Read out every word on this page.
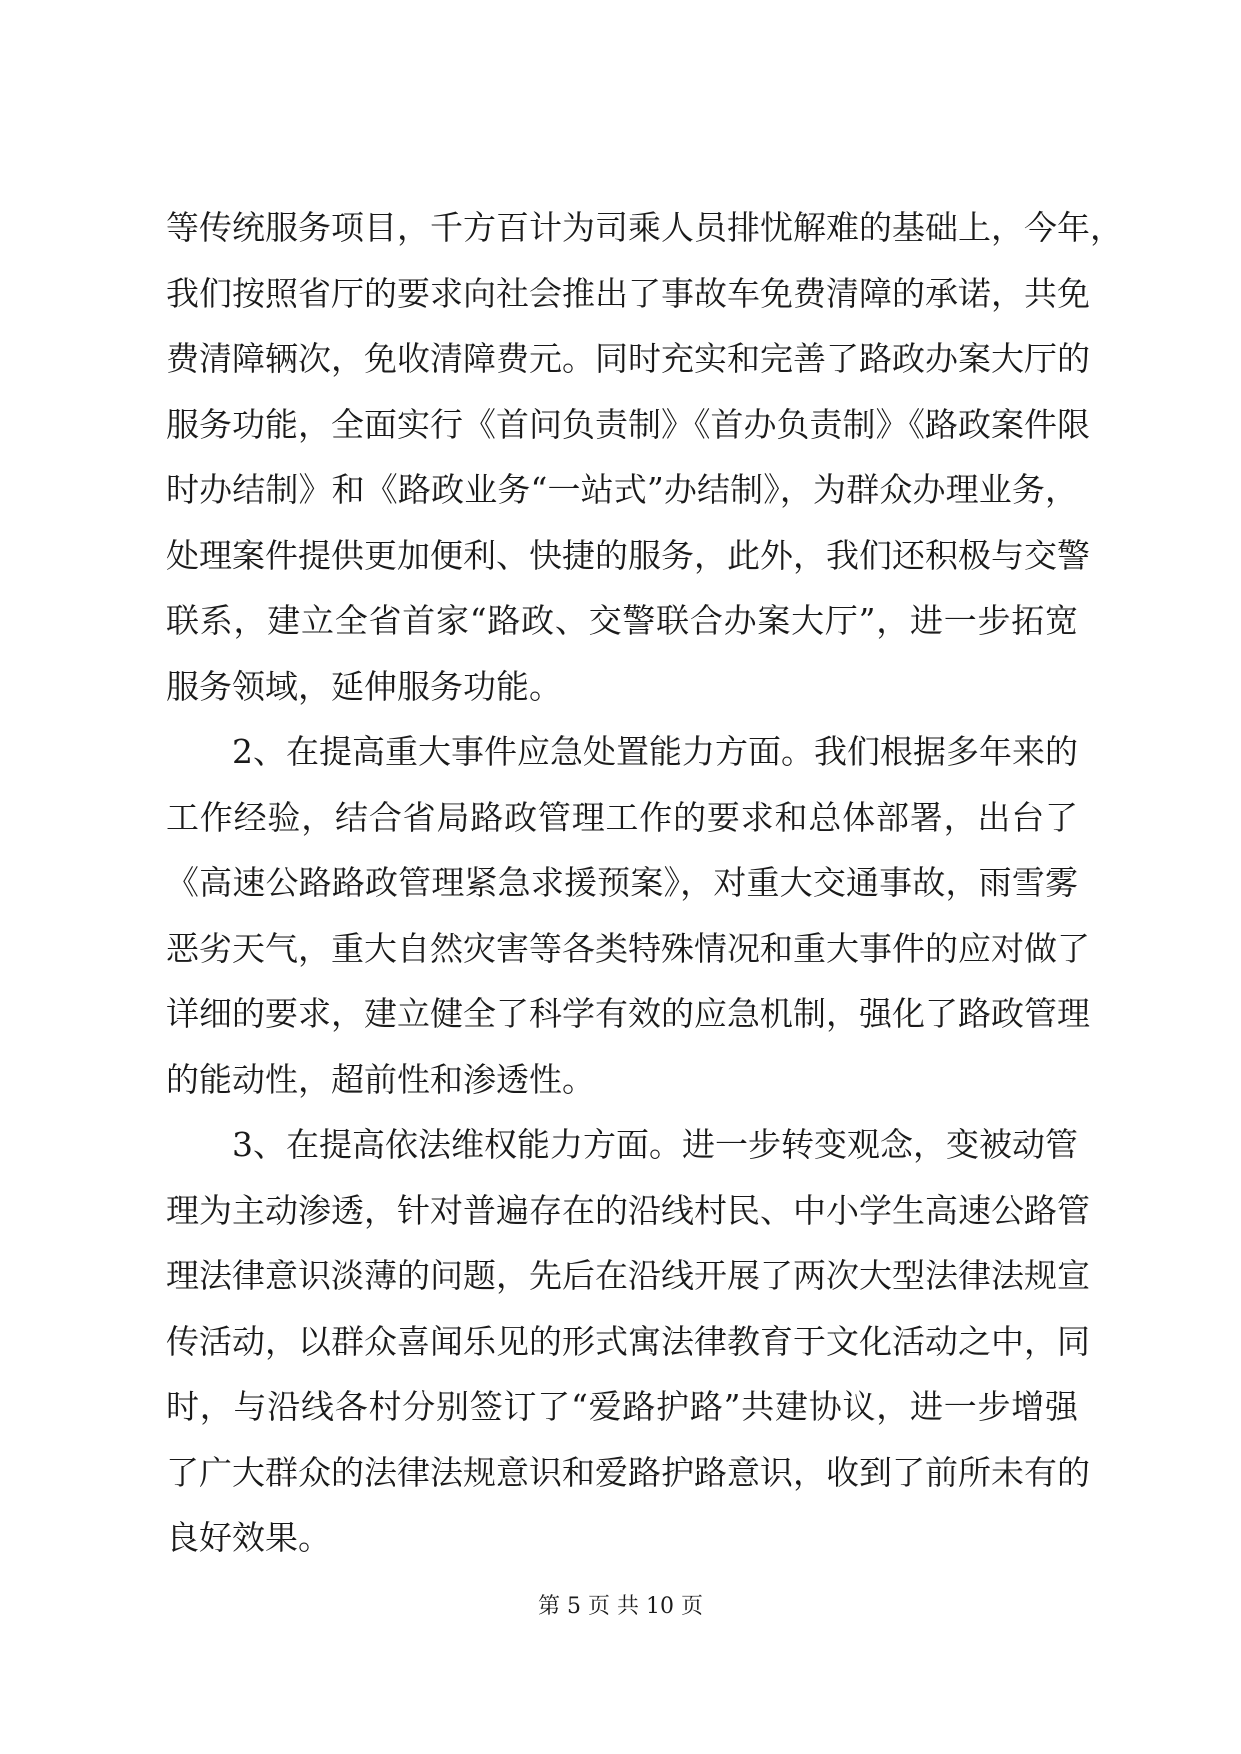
等传统服务项目，千方百计为司乘人员排忧解难的基础上，今年，
我们按照省厅的要求向社会推出了事故车免费清障的承诺，共免
费清障辆次，免收清障费元。同时充实和完善了路政办案大厅的
服务功能，全面实行《首问负责制》《首办负责制》《路政案件限
时办结制》和《路政业务“一站式”办结制》，为群众办理业务，
处理案件提供更加便利、快捷的服务，此外，我们还积极与交警
联系，建立全省首家“路政、交警联合办案大厅”，进一步拓宽
服务领域，延伸服务功能。
2、在提高重大事件应急处置能力方面。我们根据多年来的
工作经验，结合省局路政管理工作的要求和总体部署，出台了
《高速公路路政管理紧急求援预案》，对重大交通事故，雨雪雾
恶劣天气，重大自然灾害等各类特殊情况和重大事件的应对做了
详细的要求，建立健全了科学有效的应急机制，强化了路政管理
的能动性，超前性和渗透性。
3、在提高依法维权能力方面。进一步转变观念，变被动管
理为主动渗透，针对普遍存在的沿线村民、中小学生高速公路管
理法律意识淡薄的问题，先后在沿线开展了两次大型法律法规宣
传活动，以群众喜闻乐见的形式寓法律教育于文化活动之中，同
时，与沿线各村分别签订了“爱路护路”共建协议，进一步增强
了广大群众的法律法规意识和爱路护路意识，收到了前所未有的
良好效果。
第 5 页 共 10 页
